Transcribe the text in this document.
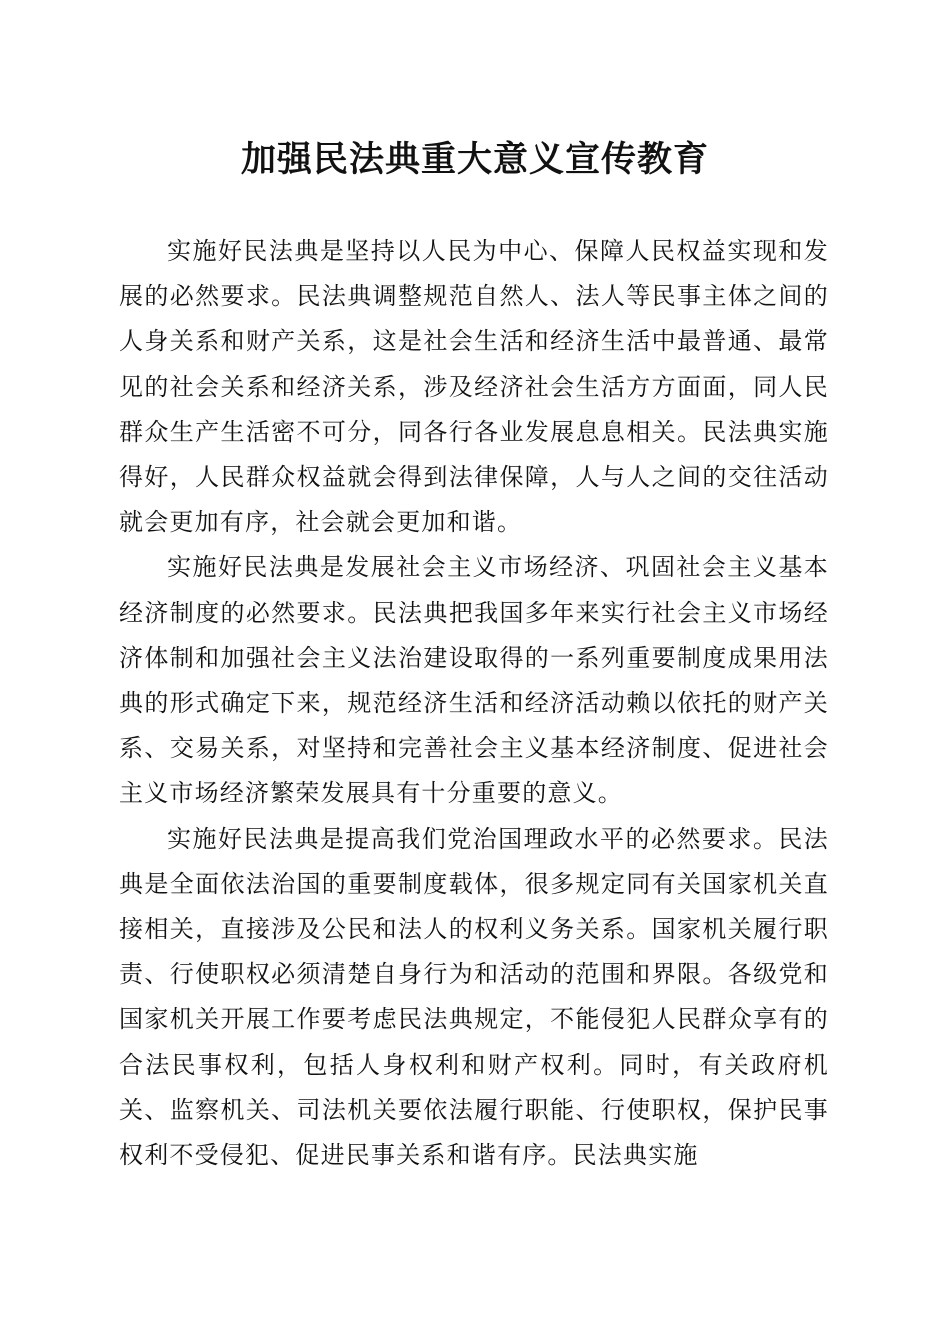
加强民法典重大意义宣传教育

实施好民法典是坚持以人民为中心、保障人民权益实现和发展的必然要求。民法典调整规范自然人、法人等民事主体之间的人身关系和财产关系，这是社会生活和经济生活中最普通、最常见的社会关系和经济关系，涉及经济社会生活方方面面，同人民群众生产生活密不可分，同各行各业发展息息相关。民法典实施得好，人民群众权益就会得到法律保障，人与人之间的交往活动就会更加有序，社会就会更加和谐。

实施好民法典是发展社会主义市场经济、巩固社会主义基本经济制度的必然要求。民法典把我国多年来实行社会主义市场经济体制和加强社会主义法治建设取得的一系列重要制度成果用法典的形式确定下来，规范经济生活和经济活动赖以依托的财产关系、交易关系，对坚持和完善社会主义基本经济制度、促进社会主义市场经济繁荣发展具有十分重要的意义。

实施好民法典是提高我们党治国理政水平的必然要求。民法典是全面依法治国的重要制度载体，很多规定同有关国家机关直接相关，直接涉及公民和法人的权利义务关系。国家机关履行职责、行使职权必须清楚自身行为和活动的范围和界限。各级党和国家机关开展工作要考虑民法典规定，不能侵犯人民群众享有的合法民事权利，包括人身权利和财产权利。同时，有关政府机关、监察机关、司法机关要依法履行职能、行使职权，保护民事权利不受侵犯、促进民事关系和谐有序。民法典实施
